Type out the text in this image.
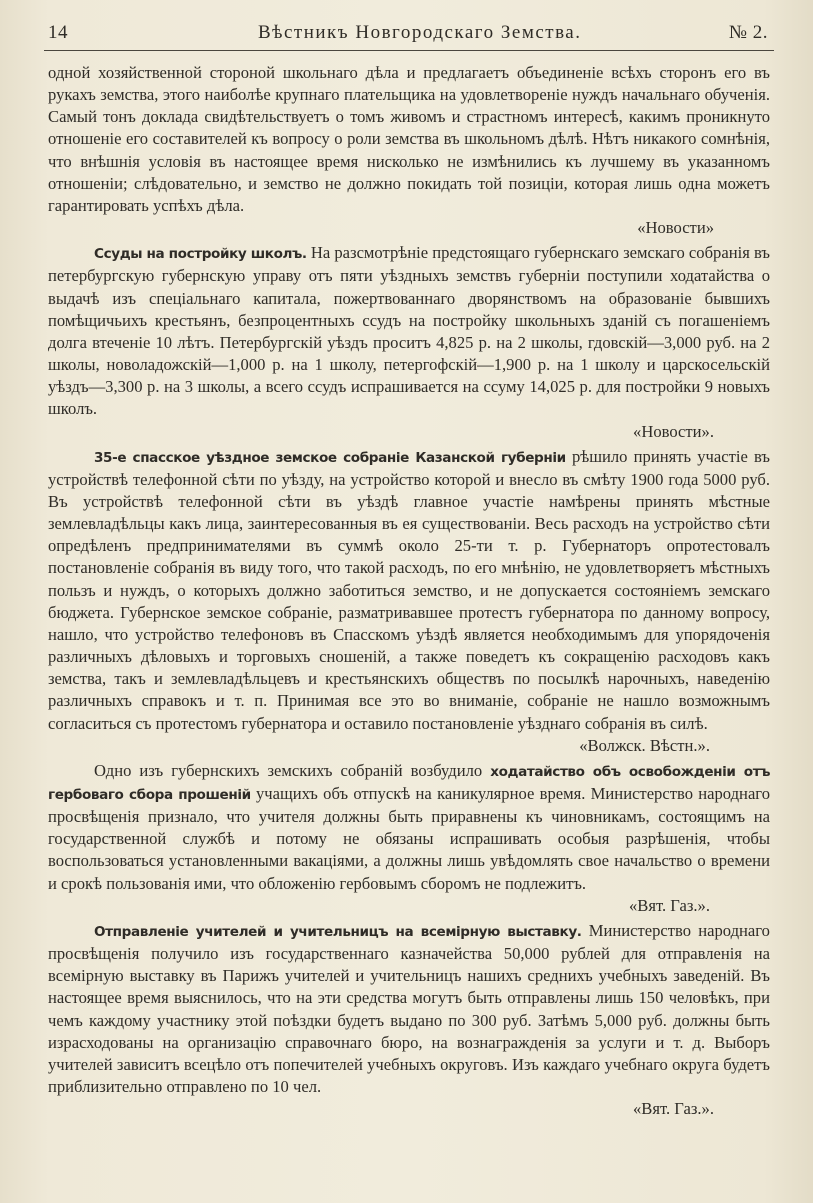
14	Вѣстникъ Новгородскаго Земства.	№ 2.
одной хозяйственной стороной школьнаго дѣла и предлагаетъ объединеніе всѣхъ сторонъ его въ рукахъ земства, этого наиболѣе крупнаго плательщика на удовлетвореніе нуждъ начальнаго обученія. Самый тонъ доклада свидѣтельствуетъ о томъ живомъ и страстномъ интересѣ, какимъ проникнуто отношеніе его составителей къ вопросу о роли земства въ школьномъ дѣлѣ. Нѣтъ никакого сомнѣнія, что внѣшнія условія въ настоящее время нисколько не измѣнились къ лучшему въ указанномъ отношеніи; слѣдовательно, и земство не должно покидать той позиціи, которая лишь одна можетъ гарантировать успѣхъ дѣла.
«Новости»
Ссуды на постройку школъ. На разсмотрѣніе предстоящаго губернскаго земскаго собранія въ петербургскую губернскую управу отъ пяти уѣздныхъ земствъ губерніи поступили ходатайства о выдачѣ изъ спеціальнаго капитала, пожертвованнаго дворянствомъ на образованіе бывшихъ помѣщичьихъ крестьянъ, безпроцентныхъ ссудъ на постройку школьныхъ зданій съ погашеніемъ долга втеченіе 10 лѣтъ. Петербургскій уѣздъ проситъ 4,825 р. на 2 школы, гдовскій—3,000 руб. на 2 школы, новоладожскій—1,000 р. на 1 школу, петергофскій—1,900 р. на 1 школу и царскосельскій уѣздъ—3,300 р. на 3 школы, а всего ссудъ испрашивается на ссуму 14,025 р. для постройки 9 новыхъ школъ.
«Новости».
35-е спасское уѣздное земское собраніе Казанской губерніи рѣшило принять участіе въ устройствѣ телефонной сѣти по уѣзду, на устройство которой и внесло въ смѣту 1900 года 5000 руб. Въ устройствѣ телефонной сѣти въ уѣздѣ главное участіе намѣрены принять мѣстные землевладѣльцы какъ лица, заинтересованныя въ ея существованіи. Весь расходъ на устройство сѣти опредѣленъ предпринимателями въ суммѣ около 25-ти т. р. Губернаторъ опротестовалъ постановленіе собранія въ виду того, что такой расходъ, по его мнѣнію, не удовлетворяетъ мѣстныхъ пользъ и нуждъ, о которыхъ должно заботиться земство, и не допускается состояніемъ земскаго бюджета. Губернское земское собраніе, разматривавшее протестъ губернатора по данному вопросу, нашло, что устройство телефоновъ въ Спасскомъ уѣздѣ является необходимымъ для упорядоченія различныхъ дѣловыхъ и торговыхъ сношеній, а также поведетъ къ сокращенію расходовъ какъ земства, такъ и землевладѣльцевъ и крестьянскихъ обществъ по посылкѣ нарочныхъ, наведенію различныхъ справокъ и т. п. Принимая все это во вниманіе, собраніе не нашло возможнымъ согласиться съ протестомъ губернатора и оставило постановленіе уѣзднаго собранія въ силѣ.
«Волжск. Вѣстн.».
Одно изъ губернскихъ земскихъ собраній возбудило ходатайство объ освобожденіи отъ гербоваго сбора прошеній учащихъ объ отпускѣ на каникулярное время. Министерство народнаго просвѣщенія признало, что учителя должны быть приравнены къ чиновникамъ, состоящимъ на государственной службѣ и потому не обязаны испрашивать особыя разрѣшенія, чтобы воспользоваться установленными вакаціями, а должны лишь увѣдомлять свое начальство о времени и срокѣ пользованія ими, что обложенію гербовымъ сборомъ не подлежитъ.
«Вят. Газ.».
Отправленіе учителей и учительницъ на всемірную выставку. Министерство народнаго просвѣщенія получило изъ государственнаго казначейства 50,000 рублей для отправленія на всемірную выставку въ Парижъ учителей и учительницъ нашихъ среднихъ учебныхъ заведеній. Въ настоящее время выяснилось, что на эти средства могутъ быть отправлены лишь 150 человѣкъ, при чемъ каждому участнику этой поѣздки будетъ выдано по 300 руб. Затѣмъ 5,000 руб. должны быть израсходованы на организацію справочнаго бюро, на вознагражденія за услуги и т. д. Выборъ учителей зависитъ всецѣло отъ попечителей учебныхъ округовъ. Изъ каждаго учебнаго округа будетъ приблизительно отправлено по 10 чел.
«Вят. Газ.».
